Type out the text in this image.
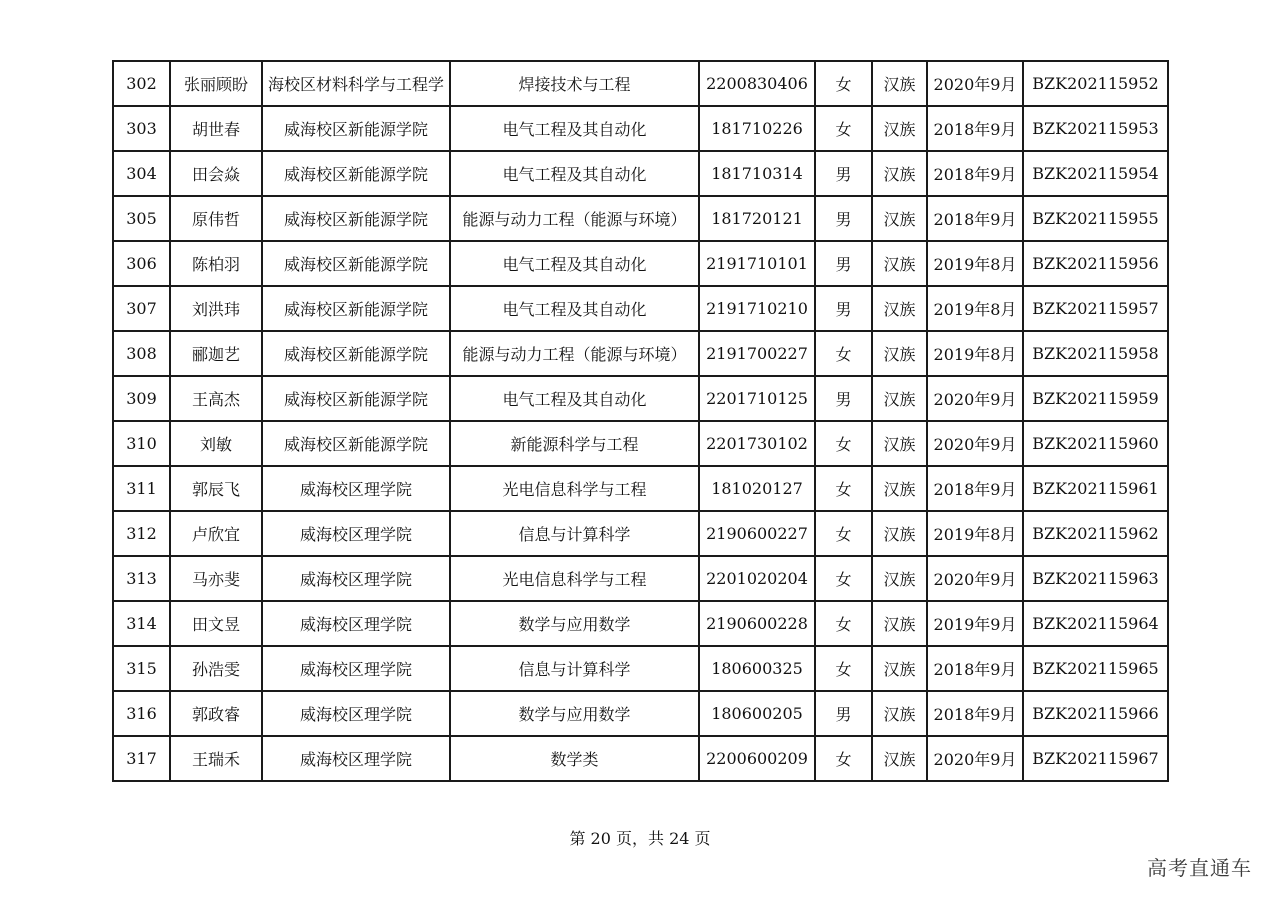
302	张丽顾盼	海校区材料科学与工程学	焊接技术与工程	2200830406	女	汉族	2020年9月	BZK202115952
303	胡世春	威海校区新能源学院	电气工程及其自动化	181710226	女	汉族	2018年9月	BZK202115953
304	田会焱	威海校区新能源学院	电气工程及其自动化	181710314	男	汉族	2018年9月	BZK202115954
305	原伟哲	威海校区新能源学院	能源与动力工程（能源与环境）	181720121	男	汉族	2018年9月	BZK202115955
306	陈柏羽	威海校区新能源学院	电气工程及其自动化	2191710101	男	汉族	2019年8月	BZK202115956
307	刘洪玮	威海校区新能源学院	电气工程及其自动化	2191710210	男	汉族	2019年8月	BZK202115957
308	郦迦艺	威海校区新能源学院	能源与动力工程（能源与环境）	2191700227	女	汉族	2019年8月	BZK202115958
309	王高杰	威海校区新能源学院	电气工程及其自动化	2201710125	男	汉族	2020年9月	BZK202115959
310	刘敏	威海校区新能源学院	新能源科学与工程	2201730102	女	汉族	2020年9月	BZK202115960
311	郭辰飞	威海校区理学院	光电信息科学与工程	181020127	女	汉族	2018年9月	BZK202115961
312	卢欣宜	威海校区理学院	信息与计算科学	2190600227	女	汉族	2019年8月	BZK202115962
313	马亦斐	威海校区理学院	光电信息科学与工程	2201020204	女	汉族	2020年9月	BZK202115963
314	田文昱	威海校区理学院	数学与应用数学	2190600228	女	汉族	2019年9月	BZK202115964
315	孙浩雯	威海校区理学院	信息与计算科学	180600325	女	汉族	2018年9月	BZK202115965
316	郭政睿	威海校区理学院	数学与应用数学	180600205	男	汉族	2018年9月	BZK202115966
317	王瑞禾	威海校区理学院	数学类	2200600209	女	汉族	2020年9月	BZK202115967
第 20 页，共 24 页
高考直通车
